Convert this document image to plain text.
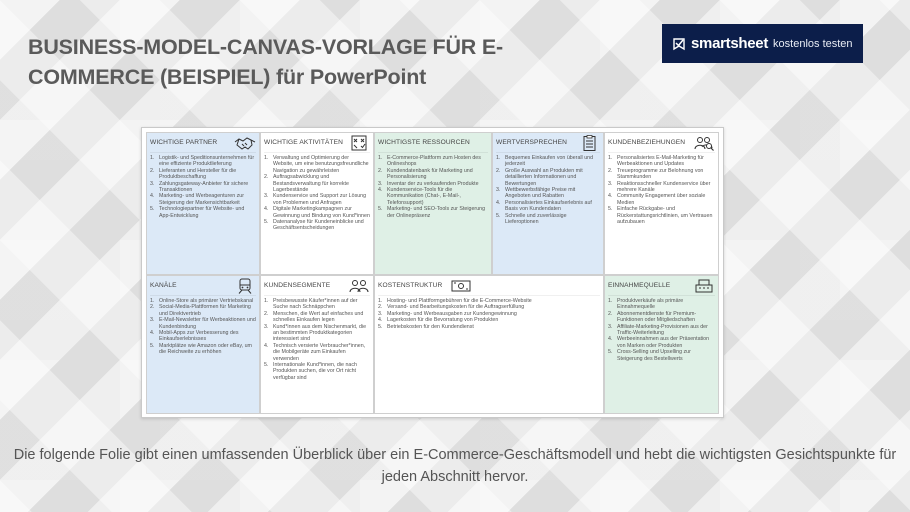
BUSINESS-MODEL-CANVAS-VORLAGE FÜR E-COMMERCE (BEISPIEL) für PowerPoint
smartsheet kostenlos testen
WICHTIGE PARTNER
1. Logistik- und Speditionsunternehmen für eine effiziente Produktlieferung
2. Lieferanten und Hersteller für die Produktbeschaffung
3. Zahlungsgateway-Anbieter für sichere Transaktionen
4. Marketing- und Werbeagenturen zur Steigerung der Markensichtbarkeit
5. Technologiepartner für Website- und App-Entwicklung
WICHTIGE AKTIVITÄTEN
1. Verwaltung und Optimierung der Website, um eine benutzungsfreundliche Navigation zu gewährleisten
2. Auftragsabwicklung und Bestandsverwaltung für korrekte Lagerbestände
3. Kundenservice und Support zur Lösung von Problemen und Anfragen
4. Digitale Marketingkampagnen zur Gewinnung und Bindung von Kund*innen
5. Datenanalyse für Kundeneinblicke und Geschäftsentscheidungen
WICHTIGSTE RESSOURCEN
1. E-Commerce-Plattform zum Hosten des Onlineshops
2. Kundendatenbank für Marketing und Personalisierung
3. Inventar der zu verkaufenden Produkte
4. Kundenservice-Tools für die Kommunikation (Chat-, E-Mail-, Telefonsupport)
5. Marketing- und SEO-Tools zur Steigerung der Onlinepräsenz
WERTVERSPRECHEN
1. Bequemes Einkaufen von überall und jederzeit
2. Große Auswahl an Produkten mit detaillierten Informationen und Bewertungen
3. Wettbewerbsfähige Preise mit Angeboten und Rabatten
4. Personalisiertes Einkaufserlebnis auf Basis von Kundendaten
5. Schnelle und zuverlässige Lieferoptionen
KUNDENBEZIEHUNGEN
1. Personalisiertes E-Mail-Marketing für Werbeaktionen und Updates
2. Treueprogramme zur Belohnung von Stammkunden
3. Reaktionsschneller Kundenservice über mehrere Kanäle
4. Community Engagement über soziale Medien
5. Einfache Rückgabe- und Rückerstattungsrichtlinien, um Vertrauen aufzubauen
KANÄLE
1. Online-Store als primärer Vertriebskanal
2. Social-Media-Plattformen für Marketing und Direktvertrieb
3. E-Mail-Newsletter für Werbeaktionen und Kundenbindung
4. Mobil-Apps zur Verbesserung des Einkaufserlebnisses
5. Marktplätze wie Amazon oder eBay, um die Reichweite zu erhöhen
KUNDENSEGMENTE
1. Preisbewusste Käufer*innen auf der Suche nach Schnäppchen
2. Menschen, die Wert auf einfaches und schnelles Einkaufen legen
3. Kund*innen aus dem Nischenmarkt, die an bestimmten Produktkategorien interessiert sind
4. Technisch versierte Verbraucher*innen, die Mobilgeräte zum Einkaufen verwenden
5. Internationale Kund*innen, die nach Produkten suchen, die vor Ort nicht verfügbar sind
KOSTENSTRUKTUR
1. Hosting- und Plattformgebühren für die E-Commerce-Website
2. Versand- und Bearbeitungskosten für die Auftragserfüllung
3. Marketing- und Werbeausgaben zur Kundengewinnung
4. Lagerkosten für die Bevorratung von Produkten
5. Betriebskosten für den Kundendienst
EINNAHMEQUELLE
1. Produktverkäufe als primäre Einnahmequelle
2. Abonnementdienste für Premium-Funktionen oder Mitgliedschaften
3. Affiliate-Marketing-Provisionen aus der Traffic-Weiterleitung
4. Werbeeinnahmen aus der Präsentation von Marken oder Produkten
5. Cross-Selling und Upselling zur Steigerung des Bestellwerts

Die folgende Folie gibt einen umfassenden Überblick über ein E-Commerce-Geschäftsmodell und hebt die wichtigsten Gesichtspunkte für jeden Abschnitt hervor.
